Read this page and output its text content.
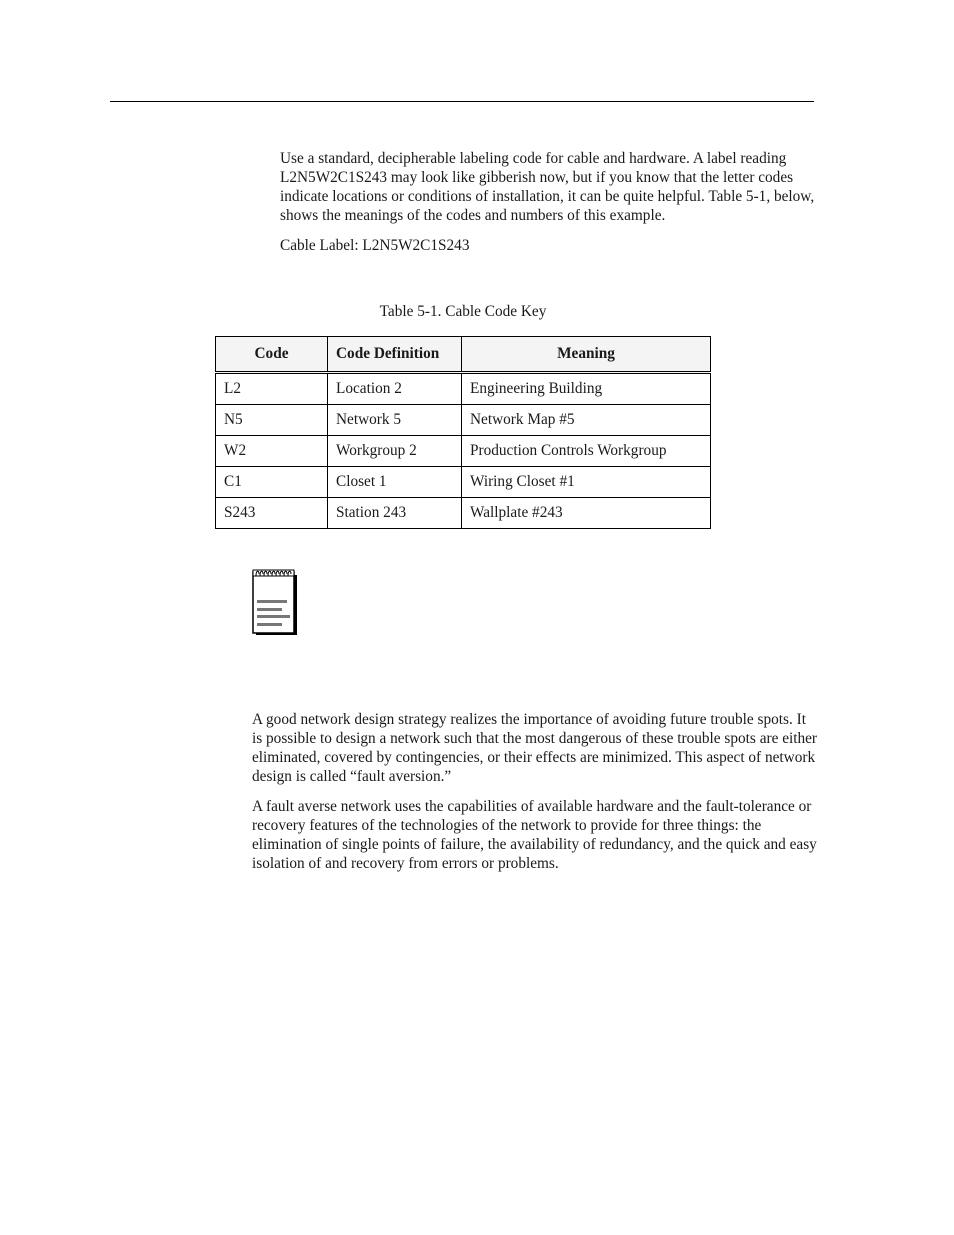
Use a standard, decipherable labeling code for cable and hardware. A label reading L2N5W2C1S243 may look like gibberish now, but if you know that the letter codes indicate locations or conditions of installation, it can be quite helpful. Table 5-1, below, shows the meanings of the codes and numbers of this example.

Cable Label: L2N5W2C1S243

Table 5-1. Cable Code Key
Code	Code Definition	Meaning
L2	Location 2	Engineering Building
N5	Network 5	Network Map #5
W2	Workgroup 2	Production Controls Workgroup
C1	Closet 1	Wiring Closet #1
S243	Station 243	Wallplate #243

A good network design strategy realizes the importance of avoiding future trouble spots. It is possible to design a network such that the most dangerous of these trouble spots are either eliminated, covered by contingencies, or their effects are minimized. This aspect of network design is called “fault aversion.”

A fault averse network uses the capabilities of available hardware and the fault-tolerance or recovery features of the technologies of the network to provide for three things: the elimination of single points of failure, the availability of redundancy, and the quick and easy isolation of and recovery from errors or problems.
